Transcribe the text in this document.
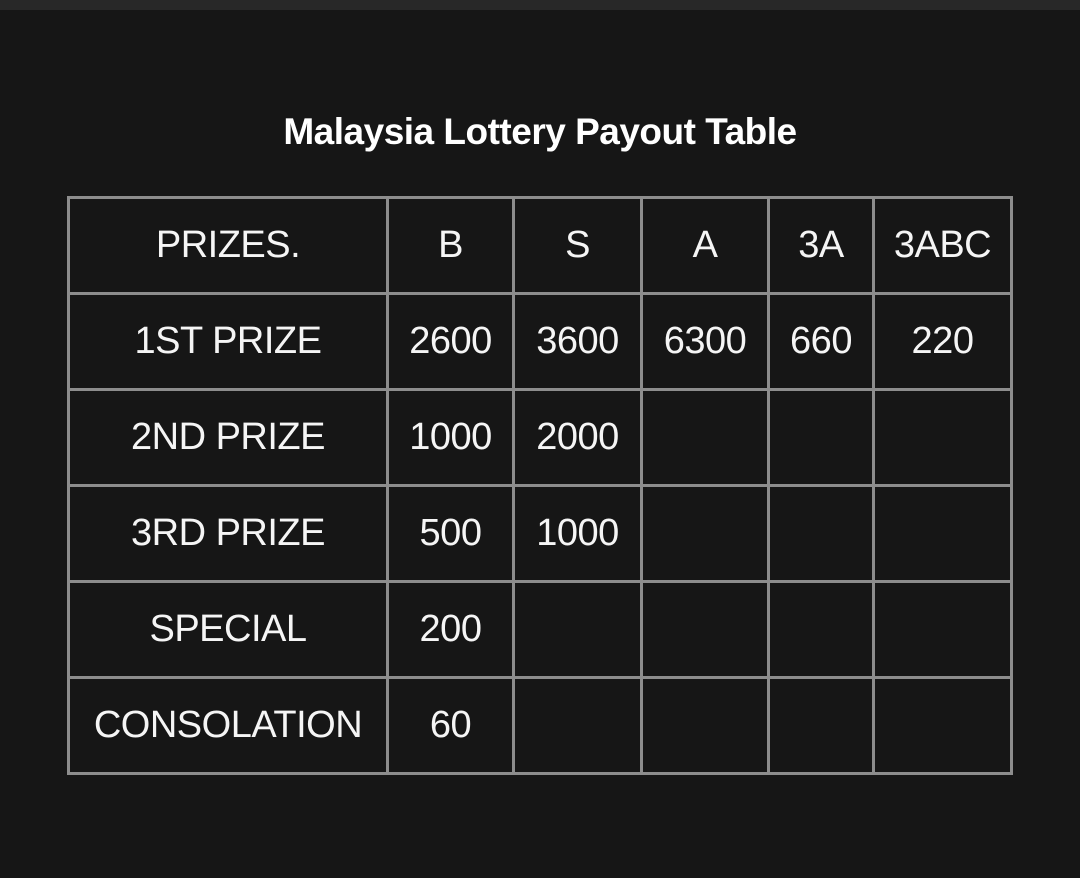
Malaysia Lottery Payout Table
PRIZES.	B	S	A	3A	3ABC
1ST PRIZE	2600	3600	6300	660	220
2ND PRIZE	1000	2000			
3RD PRIZE	500	1000			
SPECIAL	200				
CONSOLATION	60				
